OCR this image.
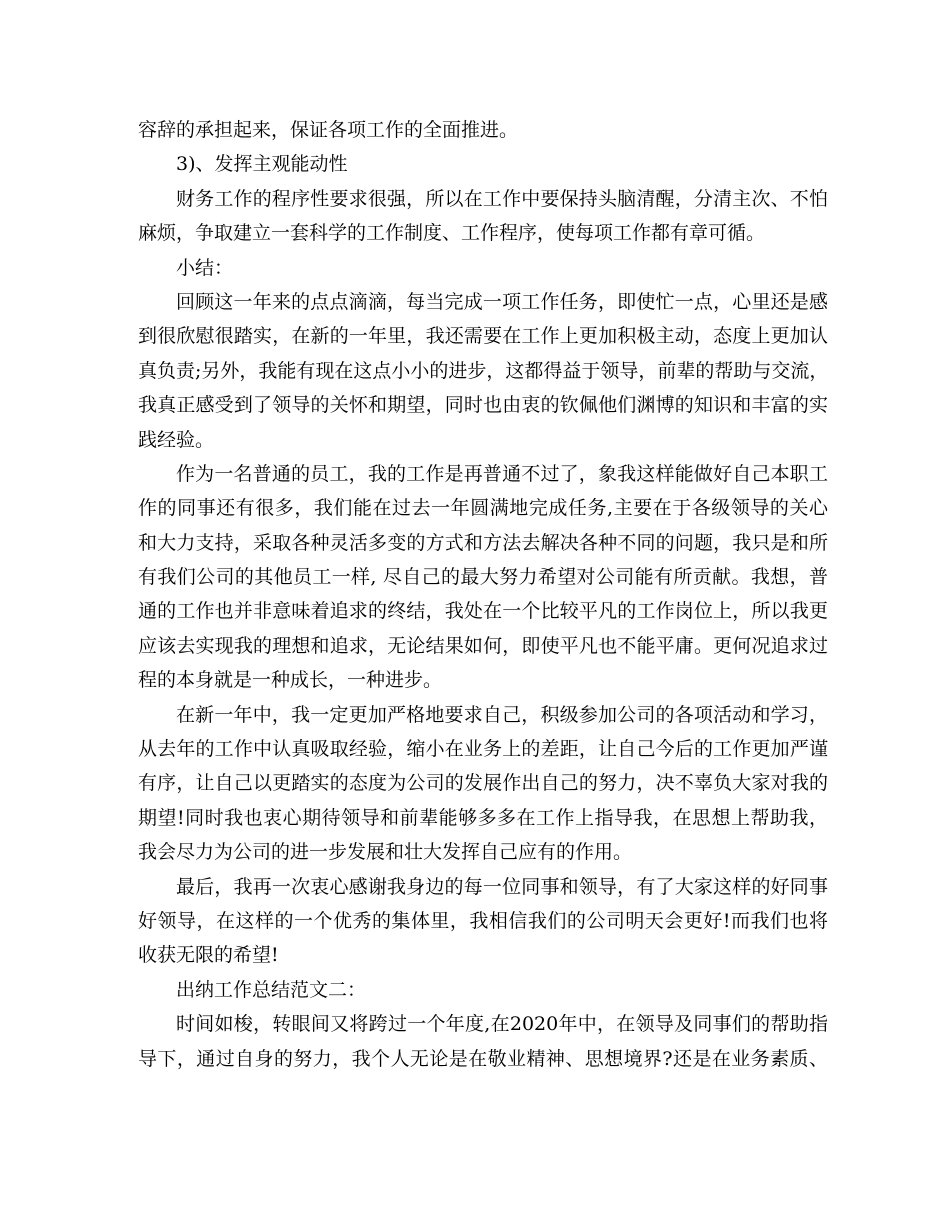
容辞的承担起来，保证各项工作的全面推进。
3)、发挥主观能动性
财务工作的程序性要求很强，所以在工作中要保持头脑清醒，分清主次、不怕
麻烦，争取建立一套科学的工作制度、工作程序，使每项工作都有章可循。
小结：
回顾这一年来的点点滴滴，每当完成一项工作任务，即使忙一点，心里还是感
到很欣慰很踏实，在新的一年里，我还需要在工作上更加积极主动，态度上更加认
真负责;另外，我能有现在这点小小的进步，这都得益于领导，前辈的帮助与交流，
我真正感受到了领导的关怀和期望，同时也由衷的钦佩他们渊博的知识和丰富的实
践经验。
作为一名普通的员工，我的工作是再普通不过了，象我这样能做好自己本职工
作的同事还有很多，我们能在过去一年圆满地完成任务,主要在于各级领导的关心
和大力支持，采取各种灵活多变的方式和方法去解决各种不同的问题，我只是和所
有我们公司的其他员工一样, 尽自己的最大努力希望对公司能有所贡献。我想，普
通的工作也并非意味着追求的终结，我处在一个比较平凡的工作岗位上，所以我更
应该去实现我的理想和追求，无论结果如何，即使平凡也不能平庸。更何况追求过
程的本身就是一种成长，一种进步。
在新一年中，我一定更加严格地要求自己，积级参加公司的各项活动和学习，
从去年的工作中认真吸取经验，缩小在业务上的差距，让自己今后的工作更加严谨
有序，让自己以更踏实的态度为公司的发展作出自己的努力，决不辜负大家对我的
期望!同时我也衷心期待领导和前辈能够多多在工作上指导我，在思想上帮助我，
我会尽力为公司的进一步发展和壮大发挥自己应有的作用。
最后，我再一次衷心感谢我身边的每一位同事和领导，有了大家这样的好同事
好领导，在这样的一个优秀的集体里，我相信我们的公司明天会更好!而我们也将
收获无限的希望!
出纳工作总结范文二：
时间如梭，转眼间又将跨过一个年度,在2020年中，在领导及同事们的帮助指
导下，通过自身的努力，我个人无论是在敬业精神、思想境界?还是在业务素质、
